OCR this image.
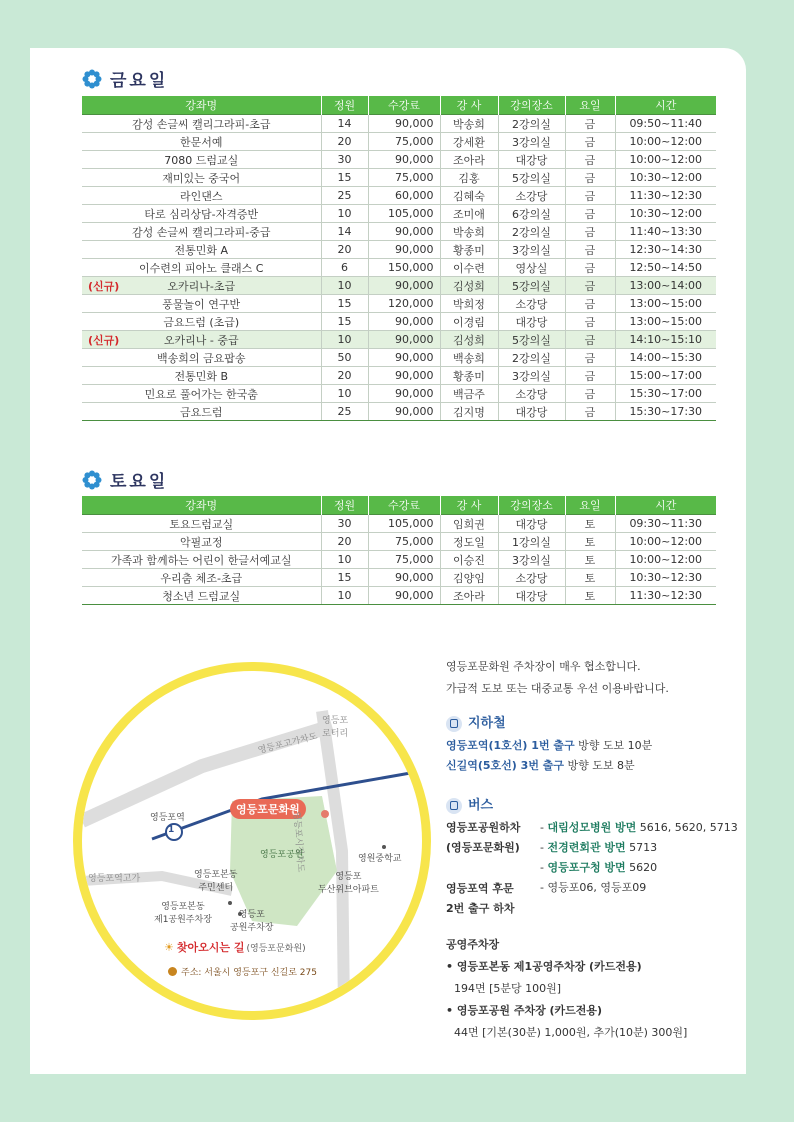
금요일
강좌명	정원	수강료	강 사	강의장소	요일	시간
감성 손글씨 캘리그라피-초급	14	90,000	박송희	2강의실	금	09:50~11:40
한문서예	20	75,000	강세환	3강의실	금	10:00~12:00
7080 드럼교실	30	90,000	조아라	대강당	금	10:00~12:00
재미있는 중국어	15	75,000	김홍	5강의실	금	10:30~12:00
라인댄스	25	60,000	김혜숙	소강당	금	11:30~12:30
타로 심리상담-자격증반	10	105,000	조미애	6강의실	금	10:30~12:00
감성 손글씨 캘리그라피-중급	14	90,000	박송희	2강의실	금	11:40~13:30
전통민화 A	20	90,000	황종미	3강의실	금	12:30~14:30
이수련의 피아노 클래스 C	6	150,000	이수련	영상실	금	12:50~14:50

(신규) 오카리나-초급	10	90,000	김성희	5강의실	금	13:00~14:00
풍물놀이 연구반	15	120,000	박희정	소강당	금	13:00~15:00
금요드럼 (초급)	15	90,000	이경림	대강당	금	13:00~15:00

(신규) 오카리나 - 중급	10	90,000	김성희	5강의실	금	14:10~15:10
백송희의 금요팝송	50	90,000	백송희	2강의실	금	14:00~15:30
전통민화 B	20	90,000	황종미	3강의실	금	15:00~17:00
민요로 풀어가는 한국춤	10	90,000	백금주	소강당	금	15:30~17:00
금요드럼	25	90,000	김지명	대강당	금	15:30~17:30
토요일
강좌명	정원	수강료	강 사	강의장소	요일	시간
토요드럼교실	30	105,000	임희권	대강당	토	09:30~11:30
악필교정	20	75,000	정도일	1강의실	토	10:00~12:00
가족과 함께하는 어린이 한글서예교실	10	75,000	이승진	3강의실	토	10:00~12:00
우리춤 체조-초급	15	90,000	김양임	소강당	토	10:30~12:30
청소년 드럼교실	10	90,000	조아라	대강당	토	11:30~12:30
1
영등포문화원
영등포
로터리
영등포고가차도
영등포시장차도
영등포역
영등포공원	영원중학교
영등포역고가	영등포본동
주민센터
영등포본동
제1공원주차장	영등포
공원주차장
영등포
두산위브아파트
☀ 찾아오시는 길 (영등포문화원)
주소: 서울시 영등포구 신길로 275
영등포문화원 주차장이 매우 협소합니다.
가급적 도보 또는 대중교통 우선 이용바랍니다.
지하철
영등포역(1호선) 1번 출구 방향 도보 10분
신길역(5호선) 3번 출구 방향 도보 8분
버스
영등포공원하차
(영등포문화원)
- 대림성모병원 방면 5616, 5620, 5713
- 전경련회관 방면 5713
- 영등포구청 방면 5620
영등포역 후문
2번 출구 하차
- 영등포06, 영등포09
공영주차장
• 영등포본동 제1공영주차장 (카드전용)
194면 [5분당 100원]
• 영등포공원 주차장 (카드전용)
44면 [기본(30분) 1,000원, 추가(10분) 300원]
